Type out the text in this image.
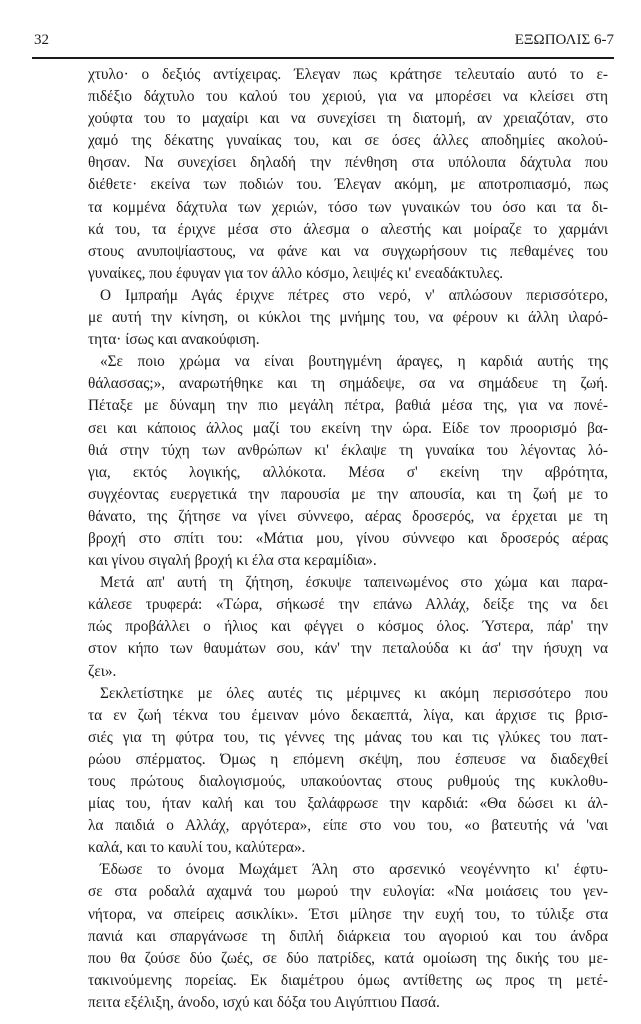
32	ΕΞΩΠΟΛΙΣ 6-7
χτυλο· ο δεξιός αντίχειρας. Έλεγαν πως κράτησε τελευταίο αυτό το ε-
πιδέξιο δάχτυλο του καλού του χεριού, για να μπορέσει να κλείσει στη
χούφτα του το μαχαίρι και να συνεχίσει τη διατομή, αν χρειαζόταν, στο
χαμό της δέκατης γυναίκας του, και σε όσες άλλες αποδημίες ακολού-
θησαν. Να συνεχίσει δηλαδή την πένθηση στα υπόλοιπα δάχτυλα που
διέθετε· εκείνα των ποδιών του. Έλεγαν ακόμη, με αποτροπιασμό, πως
τα κομμένα δάχτυλα των χεριών, τόσο των γυναικών του όσο και τα δι-
κά του, τα έριχνε μέσα στο άλεσμα ο αλεστής και μοίραζε το χαρμάνι
στους ανυποψίαστους, να φάνε και να συγχωρήσουν τις πεθαμένες του
γυναίκες, που έφυγαν για τον άλλο κόσμο, λειψές κι' ενεαδάκτυλες.
Ο Ιμπραήμ Αγάς έριχνε πέτρες στο νερό, ν' απλώσουν περισσότερο,
με αυτή την κίνηση, οι κύκλοι της μνήμης του, να φέρουν κι άλλη ιλαρό-
τητα· ίσως και ανακούφιση.
«Σε ποιο χρώμα να είναι βουτηγμένη άραγες, η καρδιά αυτής της
θάλασσας;», αναρωτήθηκε και τη σημάδεψε, σα να σημάδευε τη ζωή.
Πέταξε με δύναμη την πιο μεγάλη πέτρα, βαθιά μέσα της, για να πονέ-
σει και κάποιος άλλος μαζί του εκείνη την ώρα. Είδε τον προορισμό βα-
θιά στην τύχη των ανθρώπων κι' έκλαψε τη γυναίκα του λέγοντας λό-
για, εκτός λογικής, αλλόκοτα. Μέσα σ' εκείνη την αβρότητα,
συγχέοντας ευεργετικά την παρουσία με την απουσία, και τη ζωή με το
θάνατο, της ζήτησε να γίνει σύννεφο, αέρας δροσερός, να έρχεται με τη
βροχή στο σπίτι του: «Μάτια μου, γίνου σύννεφο και δροσερός αέρας
και γίνου σιγαλή βροχή κι έλα στα κεραμίδια».
Μετά απ' αυτή τη ζήτηση, έσκυψε ταπεινωμένος στο χώμα και παρα-
κάλεσε τρυφερά: «Τώρα, σήκωσέ την επάνω Αλλάχ, δείξε της να δει
πώς προβάλλει ο ήλιος και φέγγει ο κόσμος όλος. Ύστερα, πάρ' την
στον κήπο των θαυμάτων σου, κάν' την πεταλούδα κι άσ' την ήσυχη να
ζει».
Σεκλετίστηκε με όλες αυτές τις μέριμνες κι ακόμη περισσότερο που
τα εν ζωή τέκνα του έμειναν μόνο δεκαεπτά, λίγα, και άρχισε τις βρισ-
σιές για τη φύτρα του, τις γέννες της μάνας του και τις γλύκες του πατ-
ρώου σπέρματος. Όμως η επόμενη σκέψη, που έσπευσε να διαδεχθεί
τους πρώτους διαλογισμούς, υπακούοντας στους ρυθμούς της κυκλοθυ-
μίας του, ήταν καλή και του ξαλάφρωσε την καρδιά: «Θα δώσει κι άλ-
λα παιδιά ο Αλλάχ, αργότερα», είπε στο νου του, «ο βατευτής νά 'ναι
καλά, και το καυλί του, καλύτερα».
Έδωσε το όνομα Μωχάμετ Άλη στο αρσενικό νεογέννητο κι' έφτυ-
σε στα ροδαλά αχαμνά του μωρού την ευλογία: «Να μοιάσεις του γεν-
νήτορα, να σπείρεις ασικλίκι». Έτσι μίλησε την ευχή του, το τύλιξε στα
πανιά και σπαργάνωσε τη διπλή διάρκεια του αγοριού και του άνδρα
που θα ζούσε δύο ζωές, σε δύο πατρίδες, κατά ομοίωση της δικής του με-
τακινούμενης πορείας. Εκ διαμέτρου όμως αντίθετης ως προς τη μετέ-
πειτα εξέλιξη, άνοδο, ισχύ και δόξα του Αιγύπτιου Πασά.
